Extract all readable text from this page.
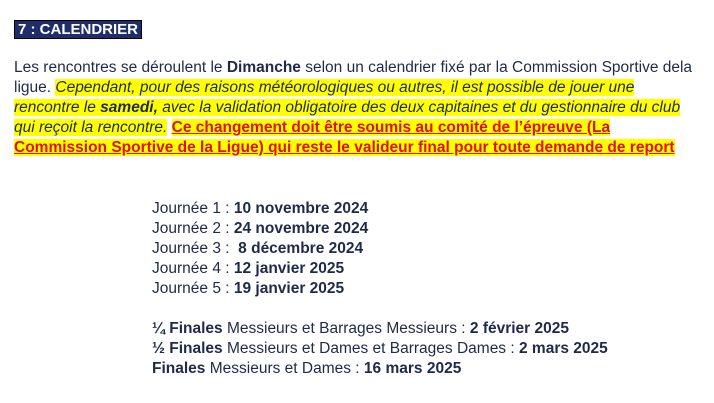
7 : CALENDRIER
Les rencontres se déroulent le Dimanche selon un calendrier fixé par la Commission Sportive dela ligue. Cependant, pour des raisons météorologiques ou autres, il est possible de jouer une rencontre le samedi, avec la validation obligatoire des deux capitaines et du gestionnaire du club qui reçoit la rencontre. Ce changement doit être soumis au comité de l’épreuve (La Commission Sportive de la Ligue) qui reste le valideur final pour toute demande de report
Journée 1 : 10 novembre 2024
Journée 2 : 24 novembre 2024
Journée 3 :  8 décembre 2024
Journée 4 : 12 janvier 2025
Journée 5 : 19 janvier 2025
¼ Finales Messieurs et Barrages Messieurs : 2 février 2025
½ Finales Messieurs et Dames et Barrages Dames : 2 mars 2025
Finales Messieurs et Dames : 16 mars 2025
